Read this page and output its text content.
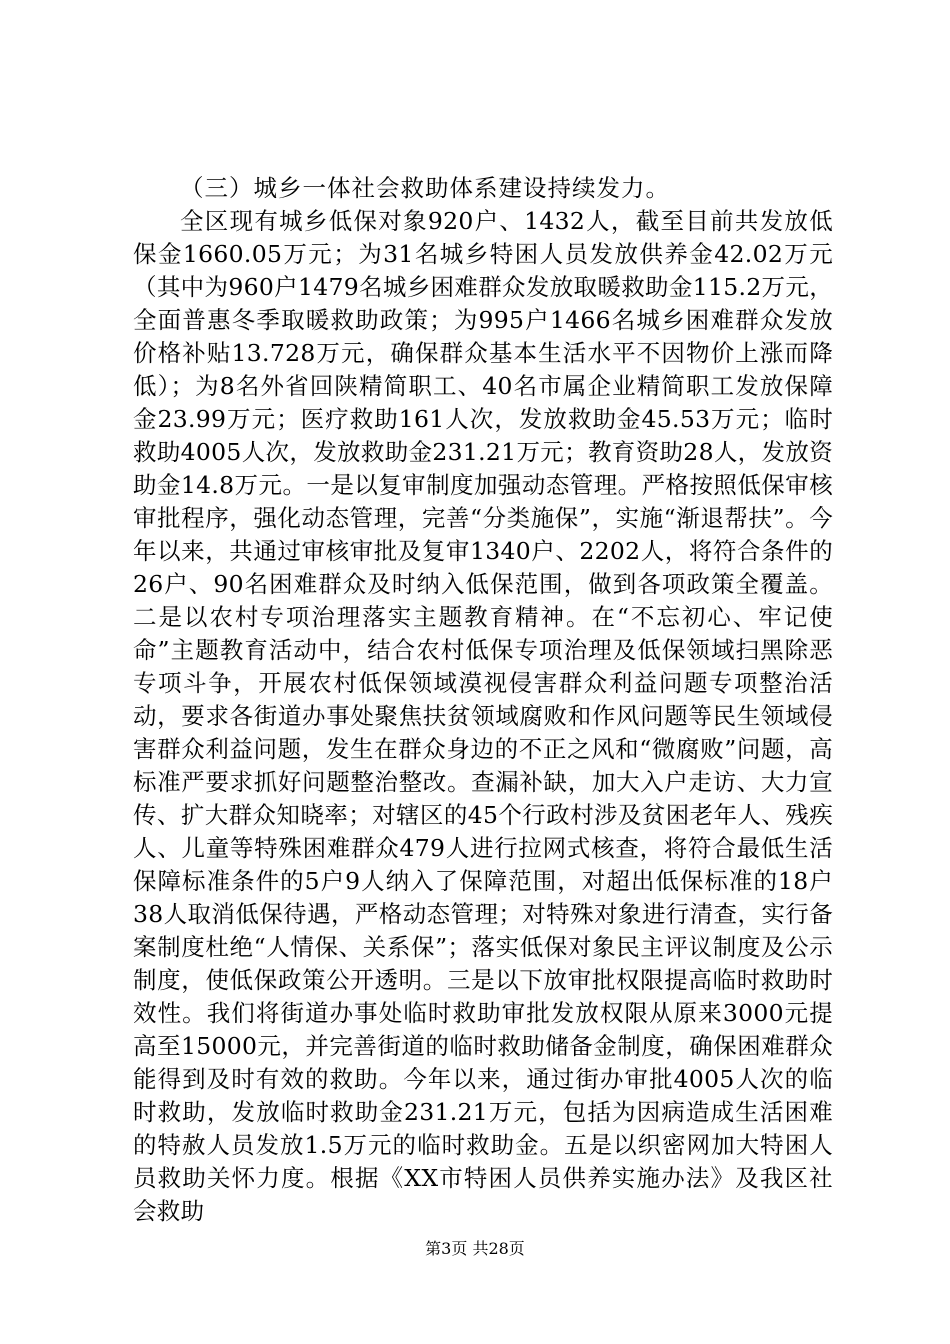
（三）城乡一体社会救助体系建设持续发力。

全区现有城乡低保对象920户、1432人，截至目前共发放低保金1660.05万元；为31名城乡特困人员发放供养金42.02万元（其中为960户1479名城乡困难群众发放取暖救助金115.2万元，全面普惠冬季取暖救助政策；为995户1466名城乡困难群众发放价格补贴13.728万元，确保群众基本生活水平不因物价上涨而降低）；为8名外省回陕精简职工、40名市属企业精简职工发放保障金23.99万元；医疗救助161人次，发放救助金45.53万元；临时救助4005人次，发放救助金231.21万元；教育资助28人，发放资助金14.8万元。一是以复审制度加强动态管理。严格按照低保审核审批程序，强化动态管理，完善“分类施保”，实施“渐退帮扶”。今年以来，共通过审核审批及复审1340户、2202人，将符合条件的26户、90名困难群众及时纳入低保范围，做到各项政策全覆盖。二是以农村专项治理落实主题教育精神。在“不忘初心、牢记使命”主题教育活动中，结合农村低保专项治理及低保领域扫黑除恶专项斗争，开展农村低保领域漠视侵害群众利益问题专项整治活动，要求各街道办事处聚焦扶贫领域腐败和作风问题等民生领域侵害群众利益问题，发生在群众身边的不正之风和“微腐败”问题，高标准严要求抓好问题整治整改。查漏补缺，加大入户走访、大力宣传、扩大群众知晓率；对辖区的45个行政村涉及贫困老年人、残疾人、儿童等特殊困难群众479人进行拉网式核查，将符合最低生活保障标准条件的5户9人纳入了保障范围，对超出低保标准的18户38人取消低保待遇，严格动态管理；对特殊对象进行清查，实行备案制度杜绝“人情保、关系保”；落实低保对象民主评议制度及公示制度，使低保政策公开透明。三是以下放审批权限提高临时救助时效性。我们将街道办事处临时救助审批发放权限从原来3000元提高至15000元，并完善街道的临时救助储备金制度，确保困难群众能得到及时有效的救助。今年以来，通过街办审批4005人次的临时救助，发放临时救助金231.21万元，包括为因病造成生活困难的特赦人员发放1.5万元的临时救助金。五是以织密网加大特困人员救助关怀力度。根据《XX市特困人员供养实施办法》及我区社会救助

第3页 共28页
